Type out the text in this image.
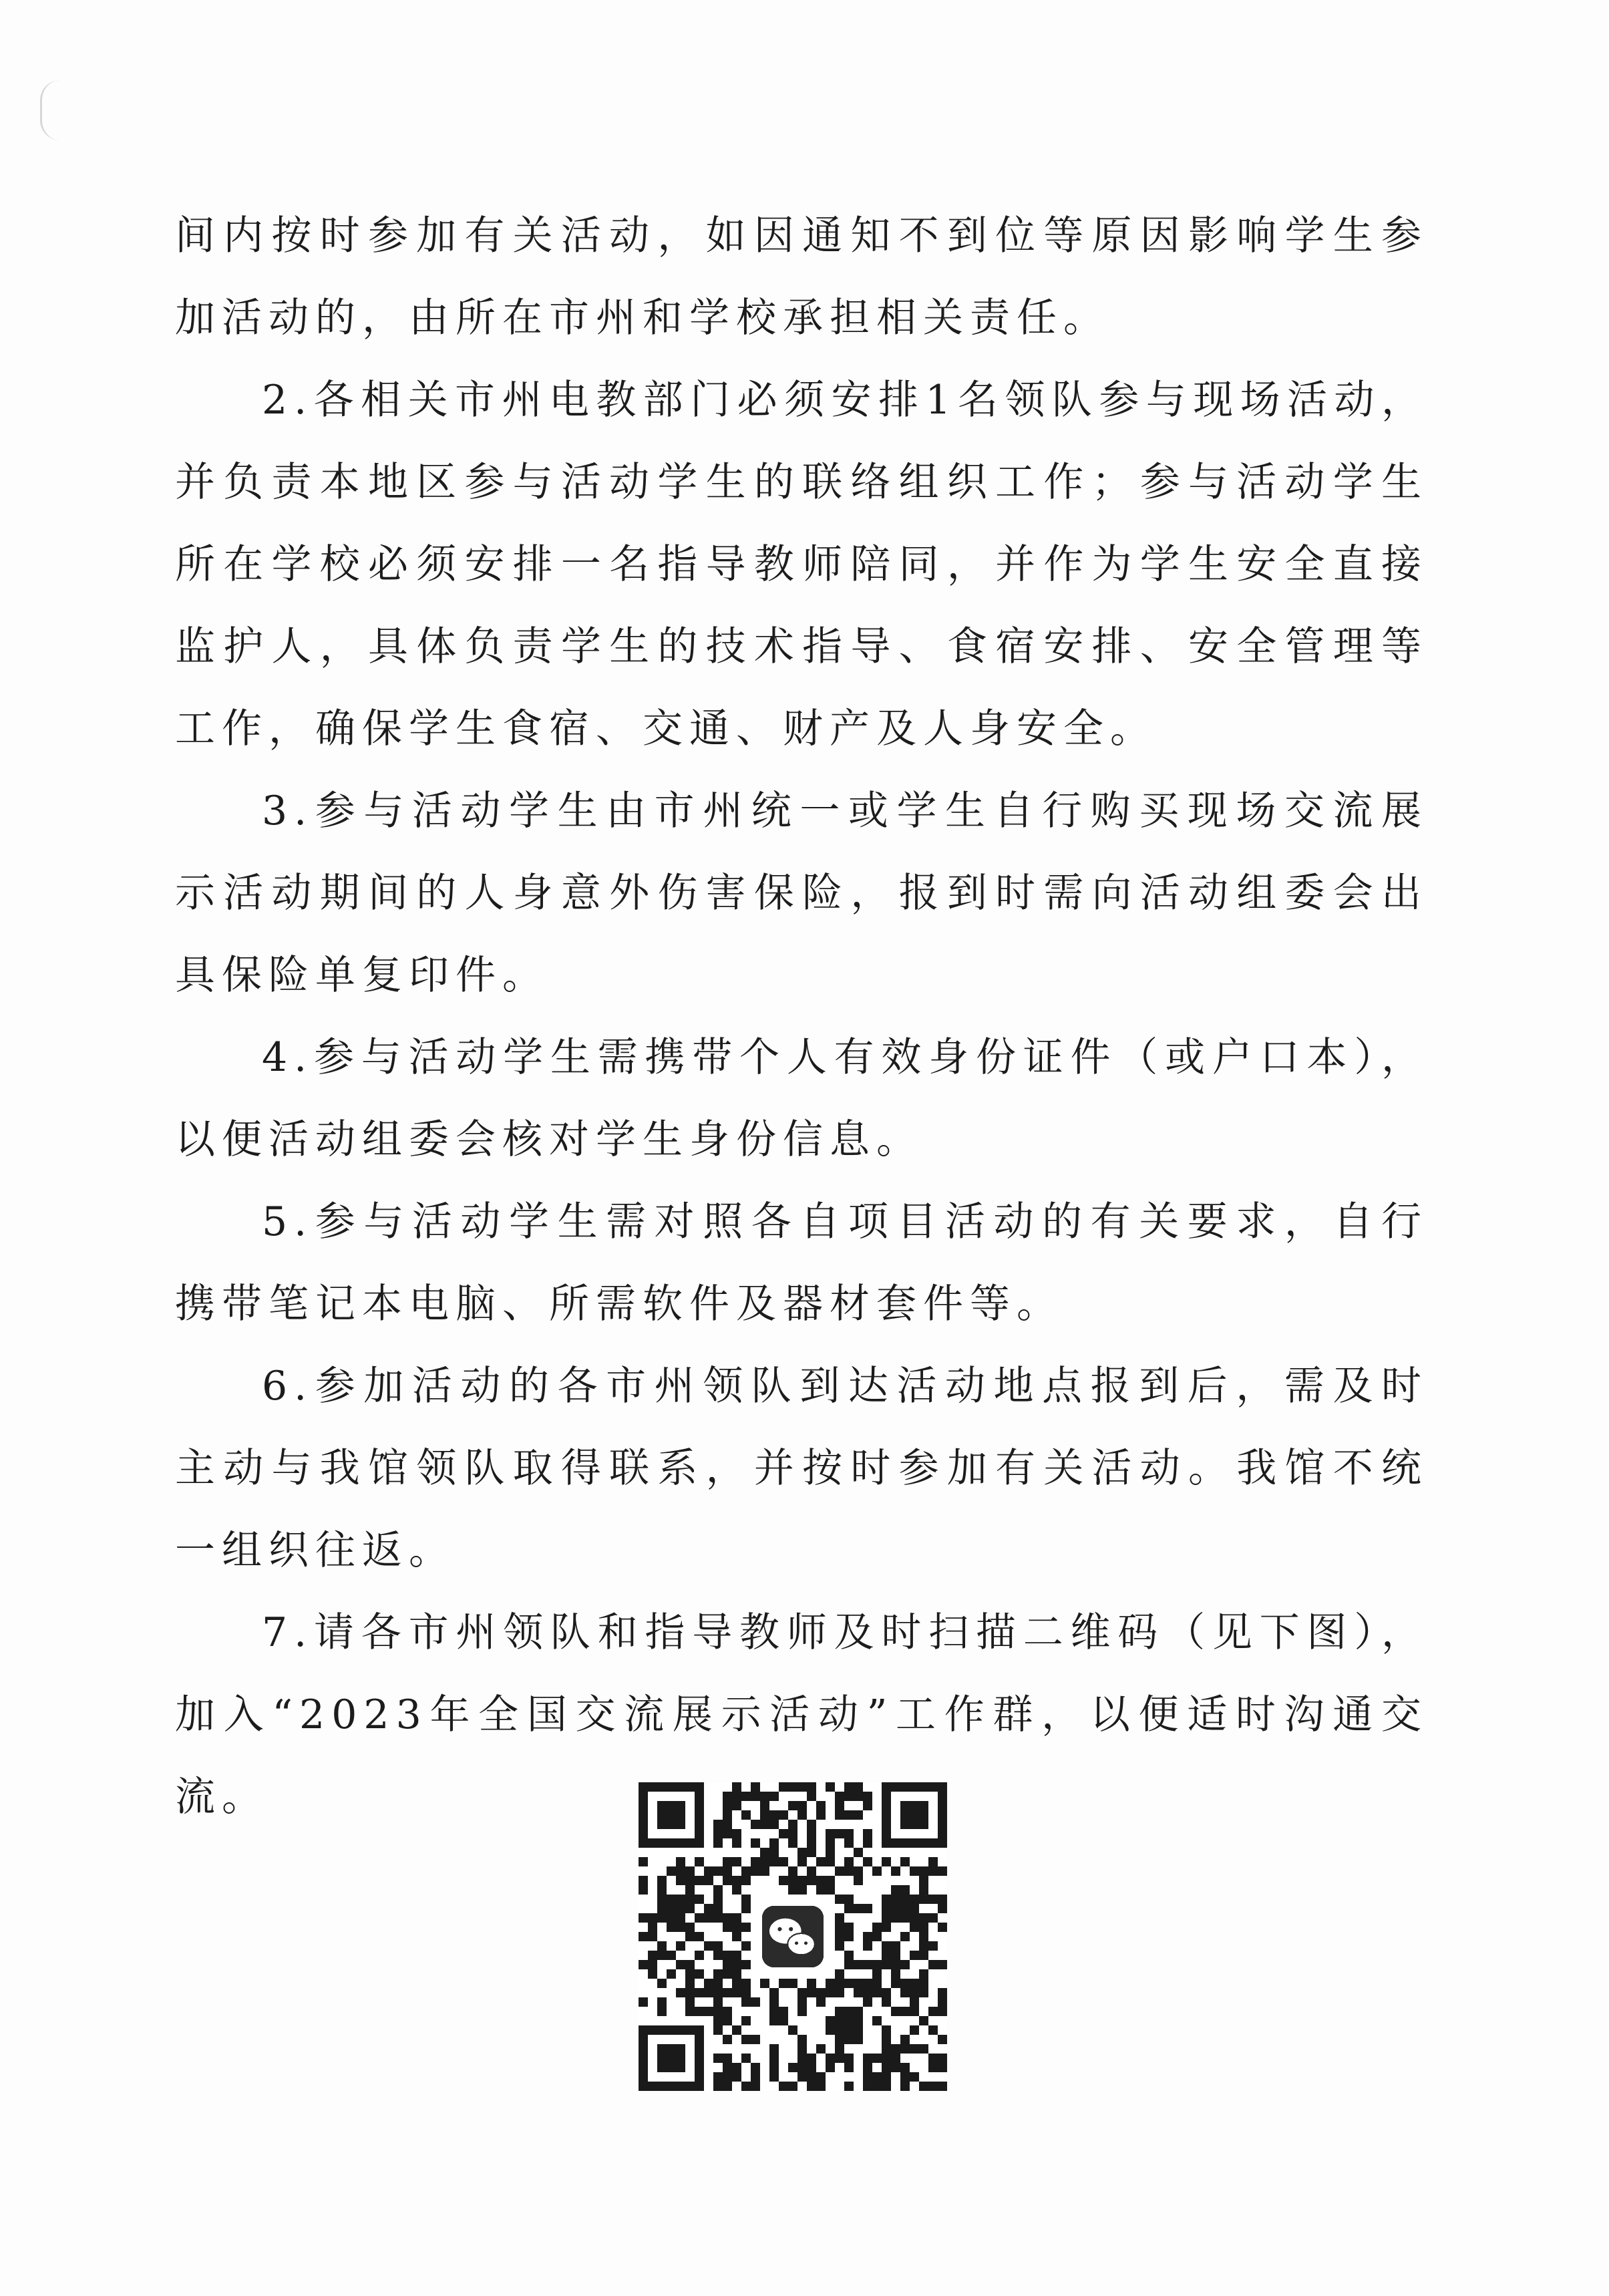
间内按时参加有关活动，如因通知不到位等原因影响学生参加活动的，由所在市州和学校承担相关责任。

2.各相关市州电教部门必须安排1名领队参与现场活动，并负责本地区参与活动学生的联络组织工作；参与活动学生所在学校必须安排一名指导教师陪同，并作为学生安全直接监护人，具体负责学生的技术指导、食宿安排、安全管理等工作，确保学生食宿、交通、财产及人身安全。

3.参与活动学生由市州统一或学生自行购买现场交流展示活动期间的人身意外伤害保险，报到时需向活动组委会出具保险单复印件。

4.参与活动学生需携带个人有效身份证件（或户口本），以便活动组委会核对学生身份信息。

5.参与活动学生需对照各自项目活动的有关要求，自行携带笔记本电脑、所需软件及器材套件等。

6.参加活动的各市州领队到达活动地点报到后，需及时主动与我馆领队取得联系，并按时参加有关活动。我馆不统一组织往返。

7.请各市州领队和指导教师及时扫描二维码（见下图），加入“2023年全国交流展示活动”工作群，以便适时沟通交流。
